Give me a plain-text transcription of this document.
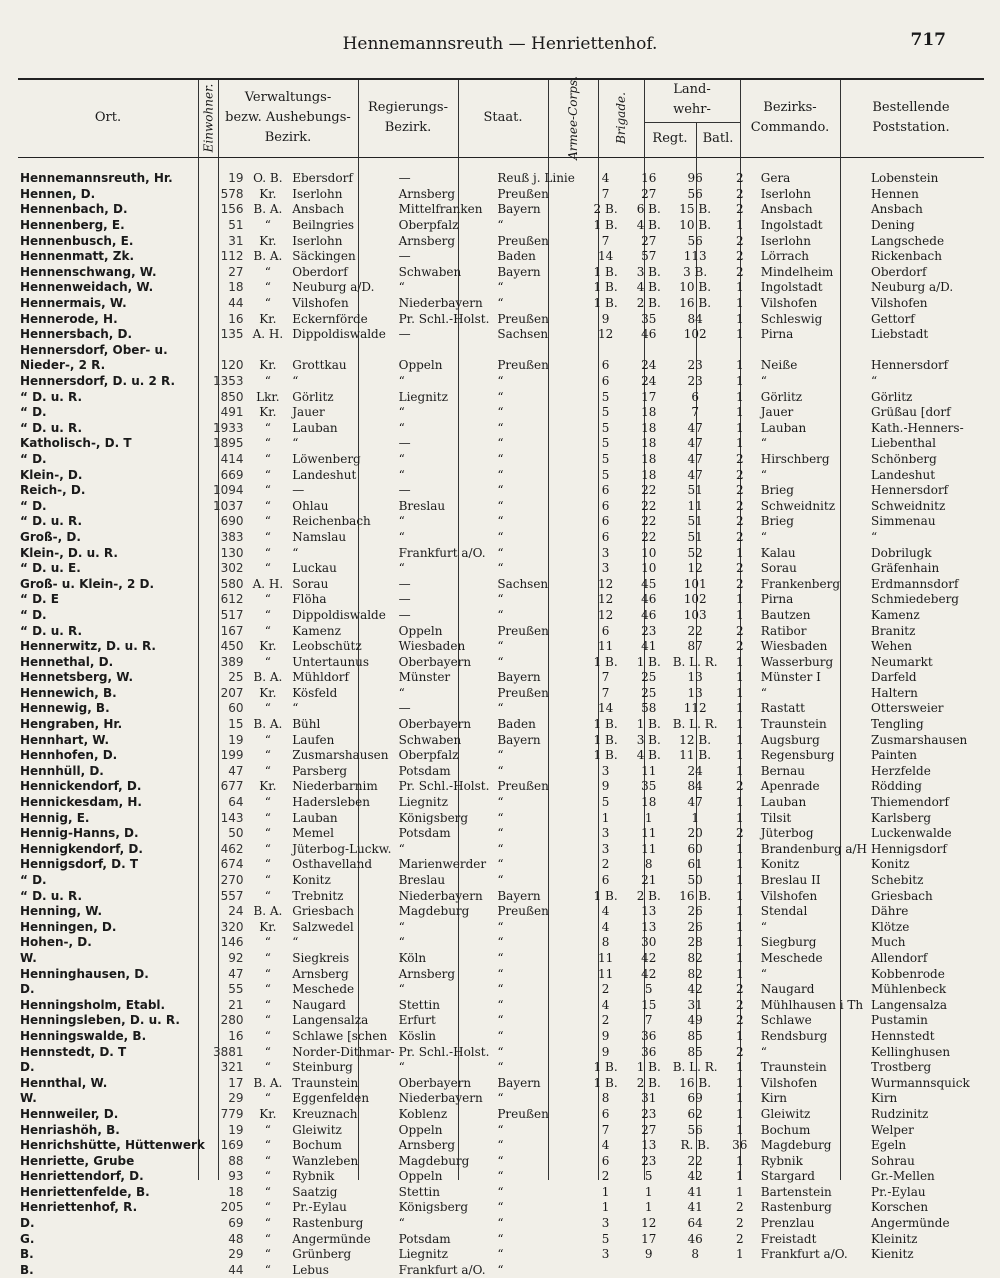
Hennemannsreuth — Henriettenhof.	717
Ort.	Einwohner.	Verwaltungs-
bezw. Aushebungs-
Bezirk.
Regierungs-
Bezirk.
Staat.	Armee-Corps.	Brigade.
Land-
wehr-
Regt.	Batl.
Bezirks-
Commando.
Bestellende
Poststation.
Hennemannsreuth, Hr.	19	O. B.	Ebersdorf	—	Reuß j. Linie	4	16	96	2	Gera	Lobenstein
Hennen, D.	578	Kr.	Iserlohn	Arnsberg	Preußen	7	27	56	2	Iserlohn	Hennen
Hennenbach, D.	156	B. A.	Ansbach	Mittelfranken	Bayern	2 B.	6 B.	15 B.	2	Ansbach	Ansbach
Hennenberg, E.	51	“	Beilngries	Oberpfalz	“	1 B.	4 B.	10 B.	1	Ingolstadt	Dening
Hennenbusch, E.	31	Kr.	Iserlohn	Arnsberg	Preußen	7	27	56	2	Iserlohn	Langschede
Hennenmatt, Zk.	112	B. A.	Säckingen	—	Baden	14	57	113	2	Lörrach	Rickenbach
Hennenschwang, W.	27	“	Oberdorf	Schwaben	Bayern	1 B.	3 B.	3 B.	2	Mindelheim	Oberdorf
Hennenweidach, W.	18	“	Neuburg a/D.	“	“	1 B.	4 B.	10 B.	1	Ingolstadt	Neuburg a/D.
Hennermais, W.	44	“	Vilshofen	Niederbayern	“	1 B.	2 B.	16 B.	1	Vilshofen	Vilshofen
Hennerode, H.	16	Kr.	Eckernförde	Pr. Schl.-Holst.	Preußen	9	35	84	1	Schleswig	Gettorf
Hennersbach, D.	135	A. H.	Dippoldiswalde	—	Sachsen	12	46	102	1	Pirna	Liebstadt
Hennersdorf, Ober- u.											
Nieder-, 2 R.	120	Kr.	Grottkau	Oppeln	Preußen	6	24	23	1	Neiße	Hennersdorf
Hennersdorf, D. u. 2 R.	1353	“	“	“	“	6	24	23	1	“	“
“ D. u. R.	850	Lkr.	Görlitz	Liegnitz	“	5	17	6	1	Görlitz	Görlitz
“ D.	491	Kr.	Jauer	“	“	5	18	7	1	Jauer	Grüßau [dorf
“ D. u. R.	1933	“	Lauban	“	“	5	18	47	1	Lauban	Kath.-Henners-
Katholisch-, D. T	1895	“	“	—	“	5	18	47	1	“	Liebenthal
“ D.	414	“	Löwenberg	“	“	5	18	47	2	Hirschberg	Schönberg
Klein-, D.	669	“	Landeshut	“	“	5	18	47	2	“	Landeshut
Reich-, D.	1094	“	—	—	“	6	22	51	2	Brieg	Hennersdorf
“ D.	1037	“	Ohlau	Breslau	“	6	22	11	2	Schweidnitz	Schweidnitz
“ D. u. R.	690	“	Reichenbach	“	“	6	22	51	2	Brieg	Simmenau
Groß-, D.	383	“	Namslau	“	“	6	22	51	2	“	“
Klein-, D. u. R.	130	“	“	Frankfurt a/O.	“	3	10	52	1	Kalau	Dobrilugk
“ D. u. E.	302	“	Luckau	“	“	3	10	12	2	Sorau	Gräfenhain
Groß- u. Klein-, 2 D.	580	A. H.	Sorau	—	Sachsen	12	45	101	2	Frankenberg	Erdmannsdorf
“ D. E	612	“	Flöha	—	“	12	46	102	1	Pirna	Schmiedeberg
“ D.	517	“	Dippoldiswalde	—	“	12	46	103	1	Bautzen	Kamenz
“ D. u. R.	167	“	Kamenz	Oppeln	Preußen	6	23	22	2	Ratibor	Branitz
Hennerwitz, D. u. R.	450	Kr.	Leobschütz	Wiesbaden	“	11	41	87	2	Wiesbaden	Wehen
Hennethal, D.	389	“	Untertaunus	Oberbayern	“	1 B.	1 B.	B. L. R.	1	Wasserburg	Neumarkt
Hennetsberg, W.	25	B. A.	Mühldorf	Münster	Bayern	7	25	13	1	Münster I	Darfeld
Hennewich, B.	207	Kr.	Kösfeld	“	Preußen	7	25	13	1	“	Haltern
Hennewig, B.	60	“	“	—	“	14	58	112	1	Rastatt	Ottersweier
Hengraben, Hr.	15	B. A.	Bühl	Oberbayern	Baden	1 B.	1 B.	B. L. R.	1	Traunstein	Tengling
Hennhart, W.	19	“	Laufen	Schwaben	Bayern	1 B.	3 B.	12 B.	1	Augsburg	Zusmarshausen
Hennhofen, D.	199	“	Zusmarshausen	Oberpfalz	“	1 B.	4 B.	11 B.	1	Regensburg	Painten
Hennhüll, D.	47	“	Parsberg	Potsdam	“	3	11	24	1	Bernau	Herzfelde
Hennickendorf, D.	677	Kr.	Niederbarnim	Pr. Schl.-Holst.	Preußen	9	35	84	2	Apenrade	Rödding
Hennickesdam, H.	64	“	Hadersleben	Liegnitz	“	5	18	47	1	Lauban	Thiemendorf
Hennig, E.	143	“	Lauban	Königsberg	“	1	1	1	1	Tilsit	Karlsberg
Hennig-Hanns, D.	50	“	Memel	Potsdam	“	3	11	20	2	Jüterbog	Luckenwalde
Hennigkendorf, D.	462	“	Jüterbog-Luckw.	“	“	3	11	60	1	Brandenburg a/H	Hennigsdorf
Hennigsdorf, D. T	674	“	Osthavelland	Marienwerder	“	2	8	61	1	Konitz	Konitz
“ D.	270	“	Konitz	Breslau	“	6	21	50	1	Breslau II	Schebitz
“ D. u. R.	557	“	Trebnitz	Niederbayern	Bayern	1 B.	2 B.	16 B.	1	Vilshofen	Griesbach
Henning, W.	24	B. A.	Griesbach	Magdeburg	Preußen	4	13	26	1	Stendal	Dähre
Henningen, D.	320	Kr.	Salzwedel	“	“	4	13	26	1	“	Klötze
Hohen-, D.	146	“	“	“	“	8	30	28	1	Siegburg	Much
W.	92	“	Siegkreis	Köln	“	11	42	82	1	Meschede	Allendorf
Henninghausen, D.	47	“	Arnsberg	Arnsberg	“	11	42	82	1	“	Kobbenrode
D.	55	“	Meschede	“	“	2	5	42	2	Naugard	Mühlenbeck
Henningsholm, Etabl.	21	“	Naugard	Stettin	“	4	15	31	2	Mühlhausen i Th	Langensalza
Henningsleben, D. u. R.	280	“	Langensalza	Erfurt	“	2	7	49	2	Schlawe	Pustamin
Henningswalde, B.	16	“	Schlawe [schen	Köslin	“	9	36	85	1	Rendsburg	Hennstedt
Hennstedt, D. T	3881	“	Norder-Dithmar-	Pr. Schl.-Holst.	“	9	36	85	2	“	Kellinghusen
D.	321	“	Steinburg	“	“	1 B.	1 B.	B. L. R.	1	Traunstein	Trostberg
Hennthal, W.	17	B. A.	Traunstein	Oberbayern	Bayern	1 B.	2 B.	16 B.	1	Vilshofen	Wurmannsquick
W.	29	“	Eggenfelden	Niederbayern	“	8	31	69	1	Kirn	Kirn
Hennweiler, D.	779	Kr.	Kreuznach	Koblenz	Preußen	6	23	62	1	Gleiwitz	Rudzinitz
Henriashöh, B.	19	“	Gleiwitz	Oppeln	“	7	27	56	1	Bochum	Welper
Henrichshütte, Hüttenwerk	169	“	Bochum	Arnsberg	“	4	13	R. B.	36	Magdeburg	Egeln
Henriette, Grube	88	“	Wanzleben	Magdeburg	“	6	23	22	1	Rybnik	Sohrau
Henriettendorf, D.	93	“	Rybnik	Oppeln	“	2	5	42	1	Stargard	Gr.-Mellen
Henriettenfelde, B.	18	“	Saatzig	Stettin	“	1	1	41	1	Bartenstein	Pr.-Eylau
Henriettenhof, R.	205	“	Pr.-Eylau	Königsberg	“	1	1	41	2	Rastenburg	Korschen
D.	69	“	Rastenburg	“	“	3	12	64	2	Prenzlau	Angermünde
G.	48	“	Angermünde	Potsdam	“	5	17	46	2	Freistadt	Kleinitz
B.	29	“	Grünberg	Liegnitz	“	3	9	8	1	Frankfurt a/O.	Kienitz
B.	44	“	Lebus	Frankfurt a/O.	“						
